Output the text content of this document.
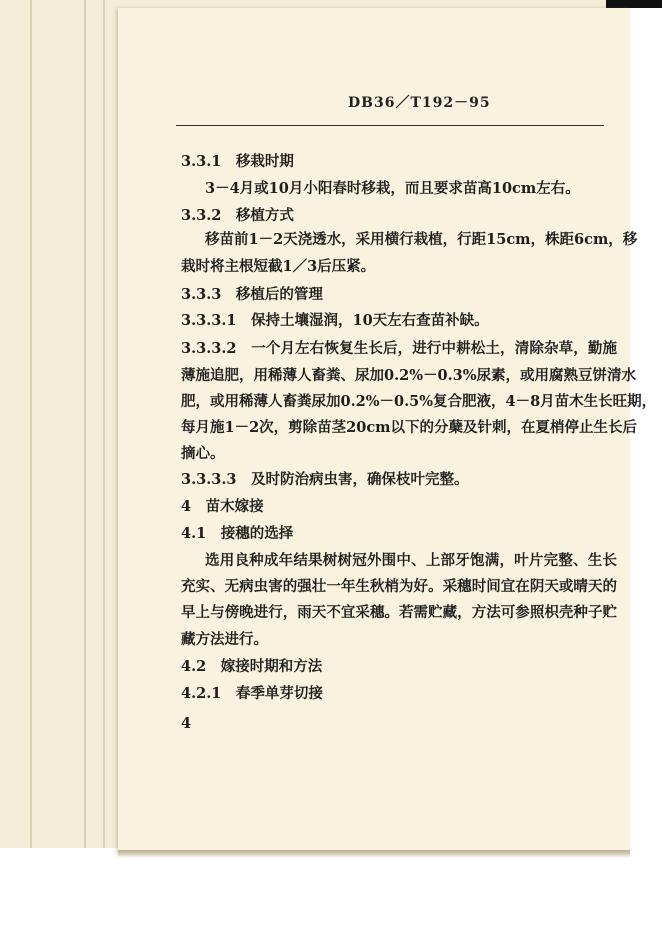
DB36／T192－95
3.3.1　移栽时期
3－4月或10月小阳春时移栽，而且要求苗高10cm左右。
3.3.2　移植方式
移苗前1－2天浇透水，采用横行栽植，行距15cm，株距6cm，移
栽时将主根短截1／3后压紧。
3.3.3　移植后的管理
3.3.3.1　保持土壤湿润，10天左右查苗补缺。
3.3.3.2　一个月左右恢复生长后，进行中耕松土，清除杂草，勤施
薄施追肥，用稀薄人畜粪、尿加0.2%－0.3%尿素，或用腐熟豆饼清水
肥，或用稀薄人畜粪尿加0.2%－0.5%复合肥液，4－8月苗木生长旺期，
每月施1－2次，剪除苗茎20cm以下的分蘖及针刺，在夏梢停止生长后
摘心。
3.3.3.3　及时防治病虫害，确保枝叶完整。
4　苗木嫁接
4.1　接穗的选择
选用良种成年结果树树冠外围中、上部牙饱满，叶片完整、生长
充实、无病虫害的强壮一年生秋梢为好。采穗时间宜在阴天或晴天的
早上与傍晚进行，雨天不宜采穗。若需贮藏，方法可参照枳壳种子贮
藏方法进行。
4.2　嫁接时期和方法
4.2.1　春季单芽切接
4
